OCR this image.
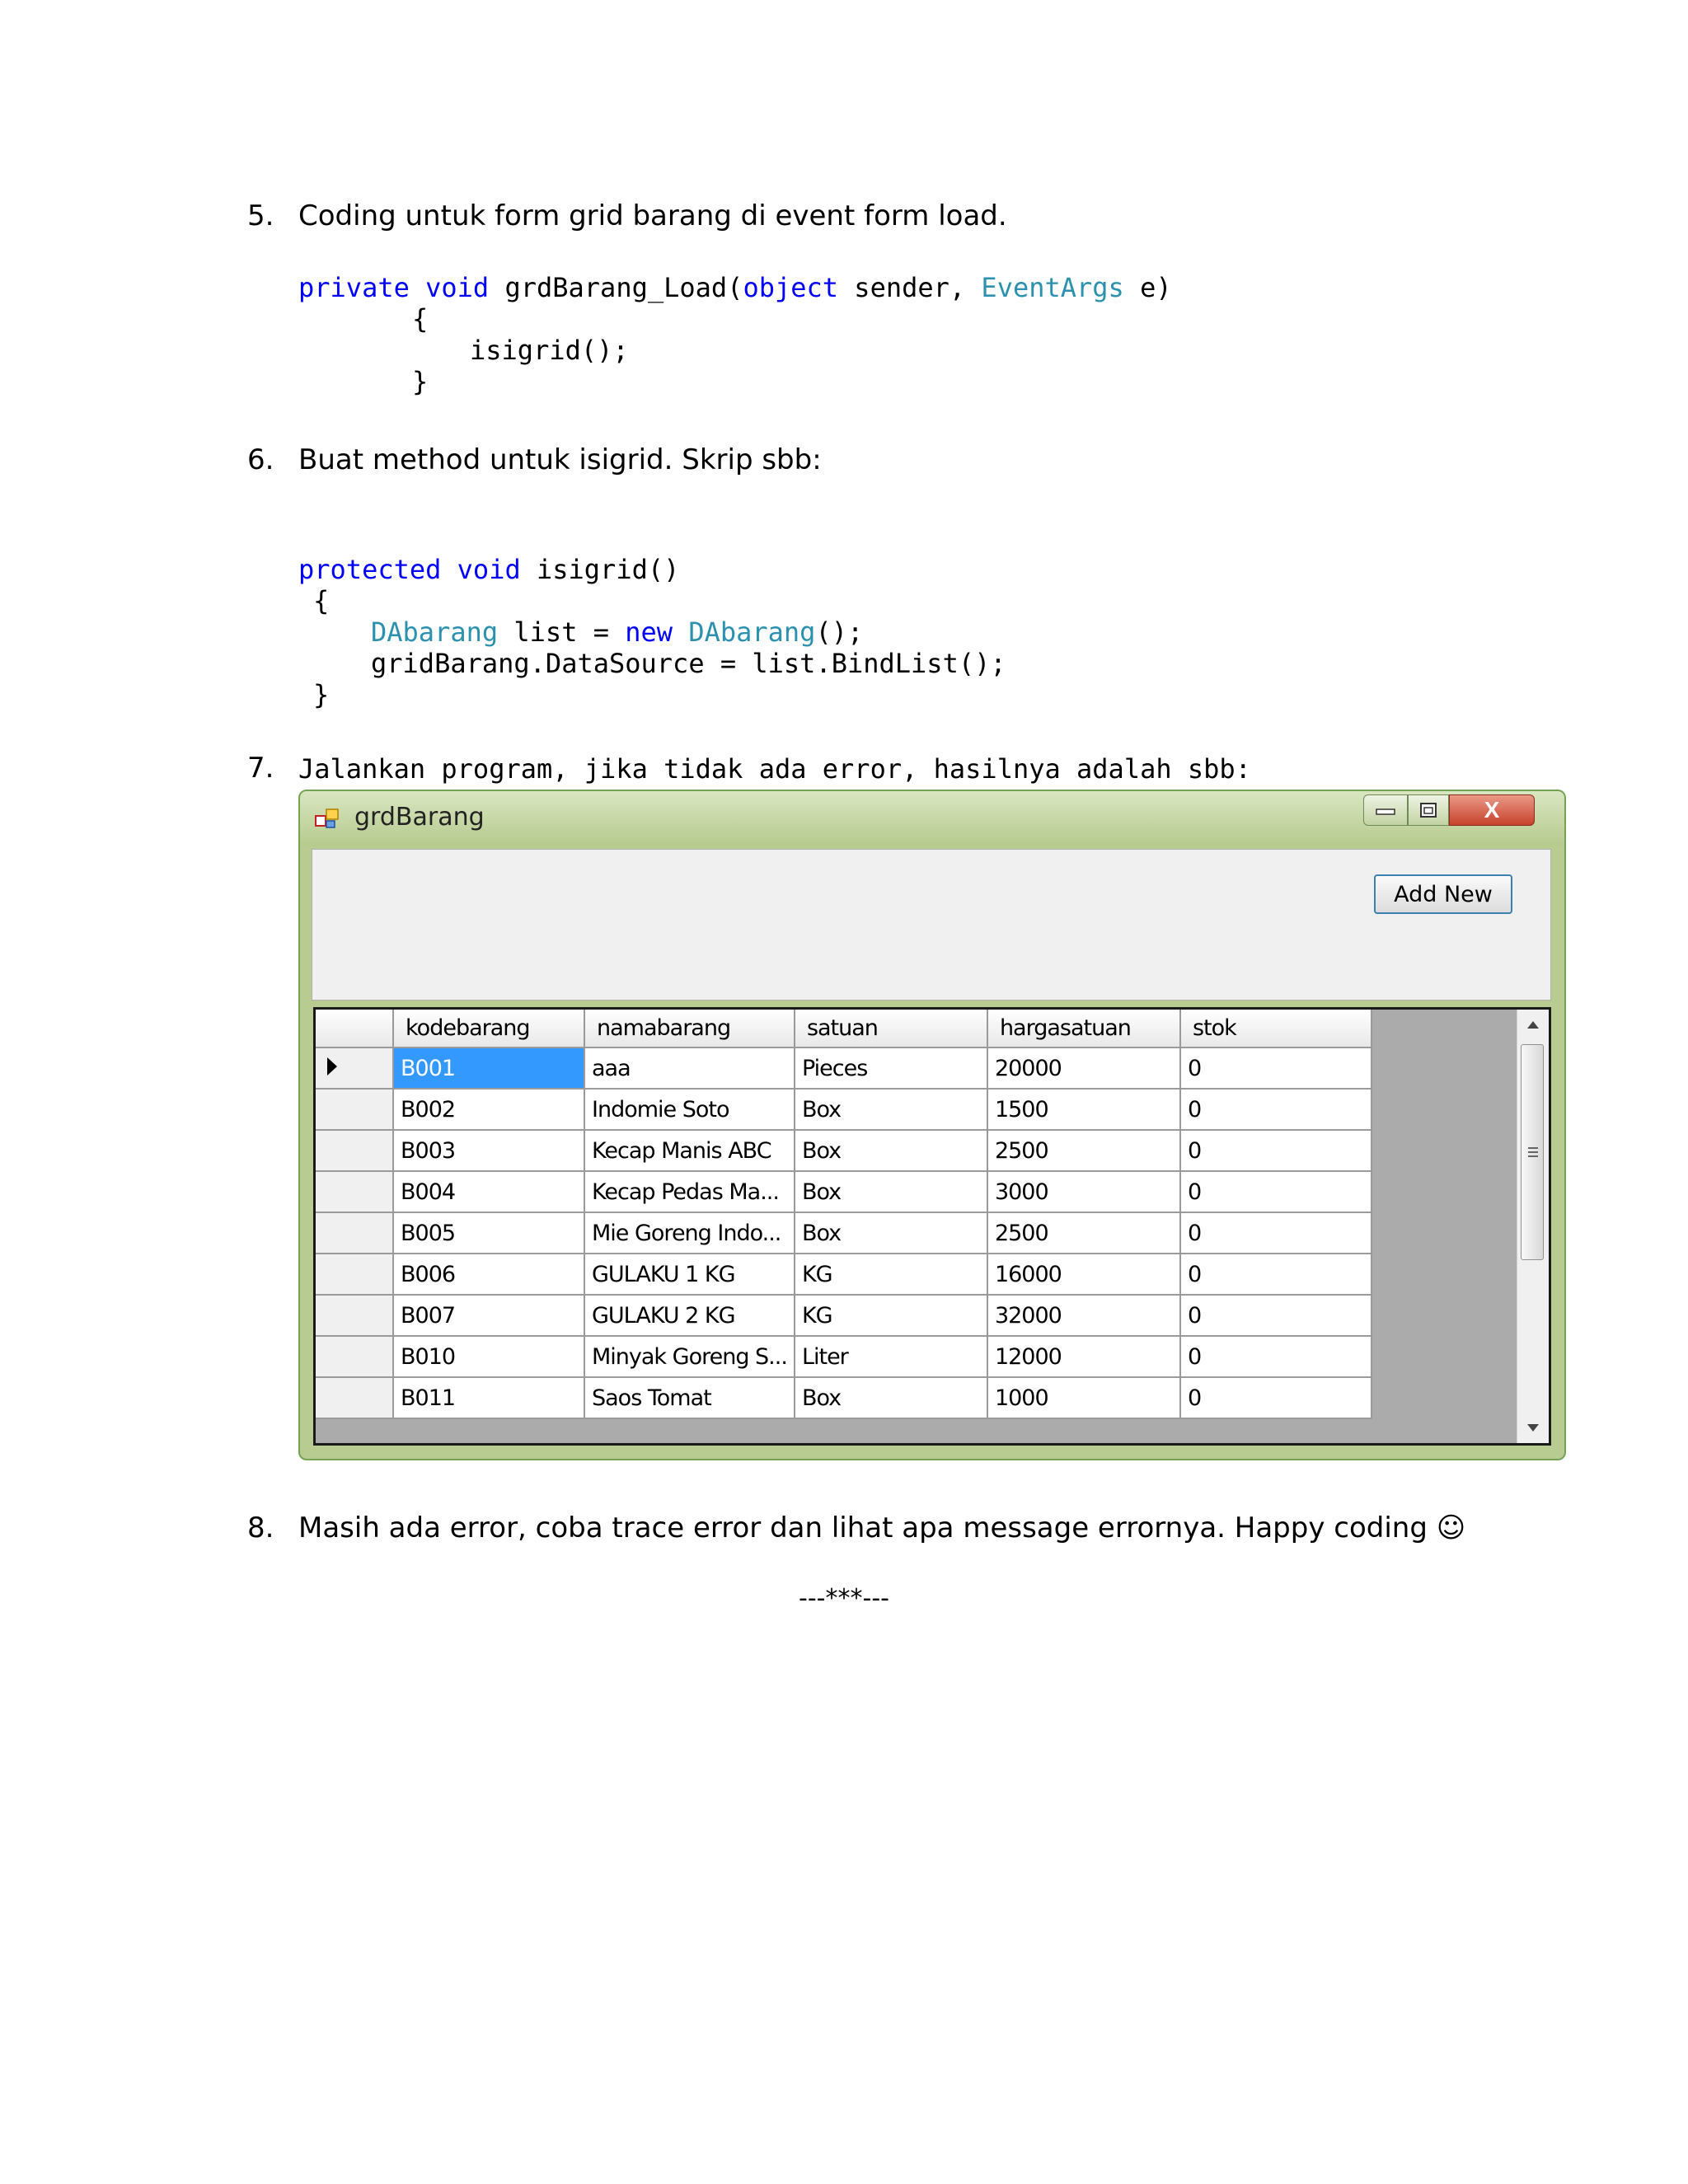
5. Coding untuk form grid barang di event form load.
private void grdBarang_Load(object sender, EventArgs e)
{
isigrid();
}
6. Buat method untuk isigrid. Skrip sbb:
protected void isigrid()
{
DAbarang list = new DAbarang();
gridBarang.DataSource = list.BindList();
}
7. Jalankan program, jika tidak ada error, hasilnya adalah sbb:
grdBarang	X
Add New
	kodebarang	namabarang	satuan	hargasatuan	stok
	B001	aaa	Pieces	20000	0
	B002	Indomie Soto	Box	1500	0
	B003	Kecap Manis ABC	Box	2500	0
	B004	Kecap Pedas Ma...	Box	3000	0
	B005	Mie Goreng Indo...	Box	2500	0
	B006	GULAKU 1 KG	KG	16000	0
	B007	GULAKU 2 KG	KG	32000	0
	B010	Minyak Goreng S...	Liter	12000	0
	B011	Saos Tomat	Box	1000	0
8. Masih ada error, coba trace error dan lihat apa message errornya. Happy coding ☺
---***---
